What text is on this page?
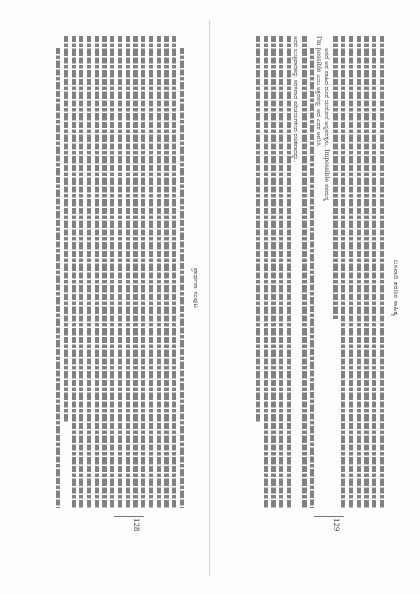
ಪ್ರಾರ್ಥನಾ ಸಂಪುಟ
128
ಬಸವಾದಿ ಶರಣರ ಸಾಹಿತ್ಯ
ಅಸದೆ ಅವ ವಾಹಿದ ದೂರೆ ಯದೋನೆ ಅನ್ನವನಳ್ಳಿಸು, Impossible ಸವದುನ್ನ
I'm possible ಎಂಬ ಅಕ್ಷರವನ್ನು ಆದ ಎದರ ಅವನಿಸಿ
ಅದರ ಲುಚ್ಛವಾದಕನ್ನು ಸರಳವಾದ ಪರಿಚಯಗಳಿಂದ ರಚಿತವಾದದ್ದು.
129
